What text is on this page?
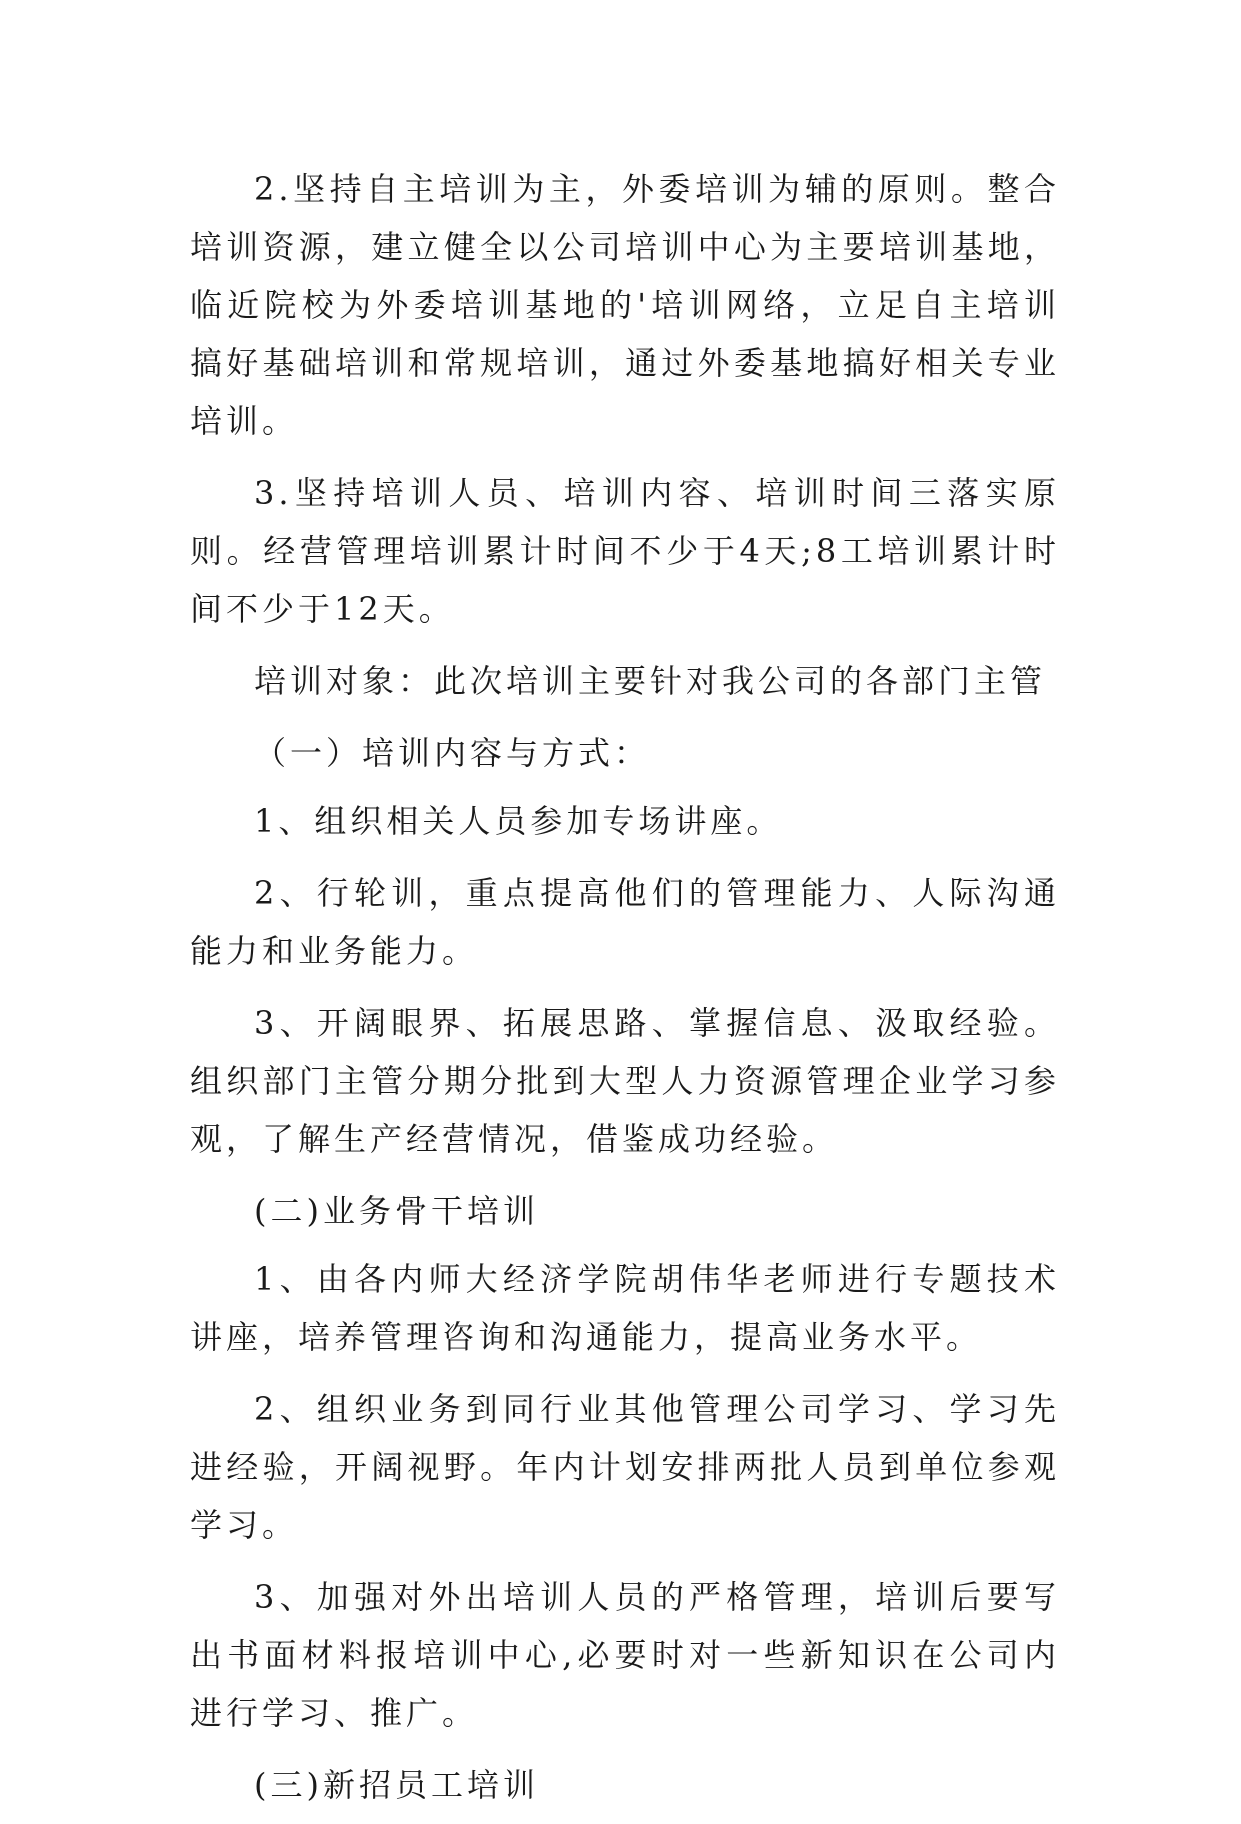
2.坚持自主培训为主，外委培训为辅的原则。整合培训资源，建立健全以公司培训中心为主要培训基地，临近院校为外委培训基地的'培训网络，立足自主培训搞好基础培训和常规培训，通过外委基地搞好相关专业培训。

3.坚持培训人员、培训内容、培训时间三落实原则。经营管理培训累计时间不少于4天;8工培训累计时间不少于12天。

培训对象：此次培训主要针对我公司的各部门主管

（一）培训内容与方式：

1、组织相关人员参加专场讲座。

2、行轮训，重点提高他们的管理能力、人际沟通能力和业务能力。

3、开阔眼界、拓展思路、掌握信息、汲取经验。组织部门主管分期分批到大型人力资源管理企业学习参观，了解生产经营情况，借鉴成功经验。

(二)业务骨干培训

1、由各内师大经济学院胡伟华老师进行专题技术讲座，培养管理咨询和沟通能力，提高业务水平。

2、组织业务到同行业其他管理公司学习、学习先进经验，开阔视野。年内计划安排两批人员到单位参观学习。

3、加强对外出培训人员的严格管理，培训后要写出书面材料报培训中心,必要时对一些新知识在公司内进行学习、推广。

(三)新招员工培训
